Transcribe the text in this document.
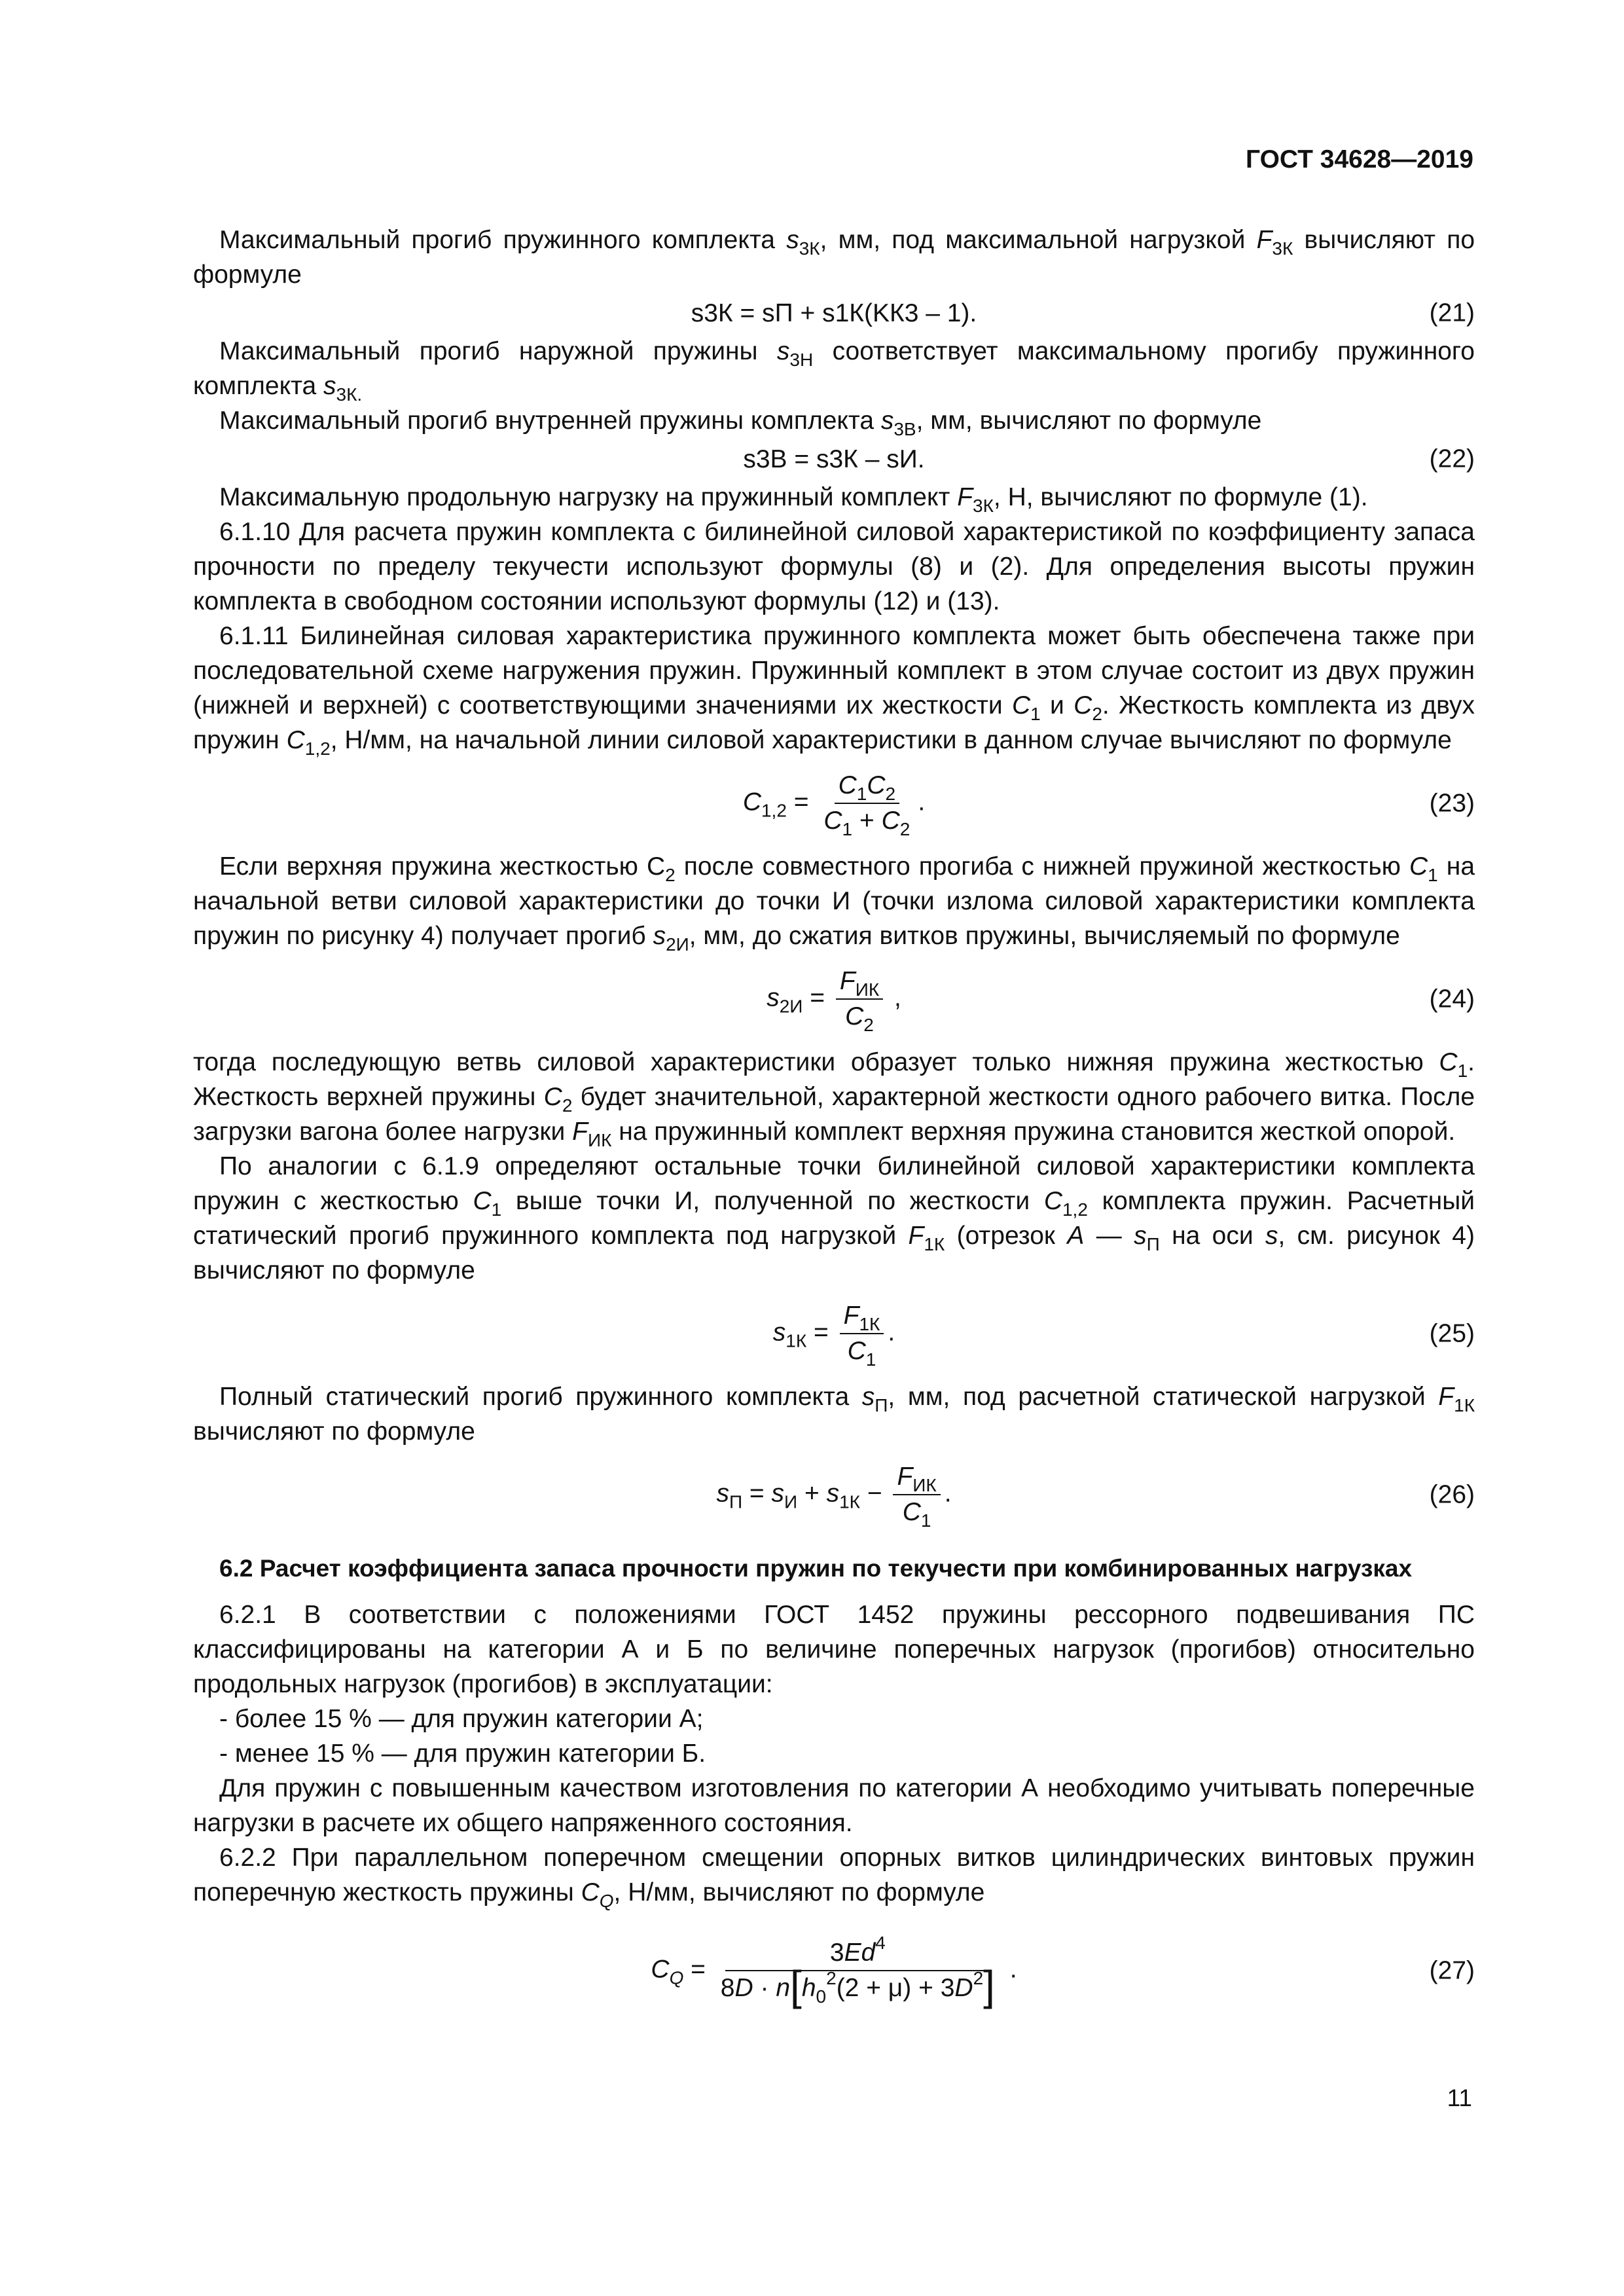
ГОСТ 34628—2019

Максимальный прогиб пружинного комплекта $s_{3К}$, мм, под максимальной нагрузкой $F_{3К}$ вычисляют по формуле

s3К = sП + s1К(KК3 – 1).	(21)

Максимальный прогиб наружной пружины $s_{3Н}$ соответствует максимальному прогибу пружинного комплекта $s_{3К.}$

Максимальный прогиб внутренней пружины комплекта $s_{3В}$, мм, вычисляют по формуле

s3В = s3К – sИ.	(22)

Максимальную продольную нагрузку на пружинный комплект $F_{3К}$, Н, вычисляют по формуле (1).

6.1.10 Для расчета пружин комплекта с билинейной силовой характеристикой по коэффициенту запаса прочности по пределу текучести используют формулы (8) и (2). Для определения высоты пружин комплекта в свободном состоянии используют формулы (12) и (13).

6.1.11 Билинейная силовая характеристика пружинного комплекта может быть обеспечена также при последовательной схеме нагружения пружин. Пружинный комплект в этом случае состоит из двух пружин (нижней и верхней) с соответствующими значениями их жесткости $C_1$ и $C_2$. Жесткость комплекта из двух пружин $C_{1,2}$, Н/мм, на начальной линии силовой характеристики в данном случае вычисляют по формуле

$C_{1,2} = \frac{C_1C_2}{C_1 + C_2}$ .	(23)

Если верхняя пружина жесткостью $С_2$ после совместного прогиба с нижней пружиной жесткостью $C_1$ на начальной ветви силовой характеристики до точки И (точки излома силовой характеристики комплекта пружин по рисунку 4) получает прогиб $s_{2И}$, мм, до сжатия витков пружины, вычисляемый по формуле

$s_{2И} = \frac{F_{ИК}}{C_2}$ ,	(24)

тогда последующую ветвь силовой характеристики образует только нижняя пружина жесткостью $C_1$. Жесткость верхней пружины $C_2$ будет значительной, характерной жесткости одного рабочего витка. После загрузки вагона более нагрузки $F_{ИК}$ на пружинный комплект верхняя пружина становится жесткой опорой.

По аналогии с 6.1.9 определяют остальные точки билинейной силовой характеристики комплекта пружин с жесткостью $C_1$ выше точки И, полученной по жесткости $C_{1,2}$ комплекта пружин. Расчетный статический прогиб пружинного комплекта под нагрузкой $F_{1К}$ (отрезок A — $s_П$ на оси s, см. рисунок 4) вычисляют по формуле

$s_{1К} = \frac{F_{1К}}{C_1}$ .	(25)

Полный статический прогиб пружинного комплекта $s_П$, мм, под расчетной статической нагрузкой $F_{1К}$ вычисляют по формуле

$s_П = s_И + s_{1К} - \frac{F_{ИК}}{C_1}$ .	(26)
6.2 Расчет коэффициента запаса прочности пружин по текучести при комбинированных нагрузках

6.2.1 В соответствии с положениями ГОСТ 1452 пружины рессорного подвешивания ПС классифицированы на категории А и Б по величине поперечных нагрузок (прогибов) относительно продольных нагрузок (прогибов) в эксплуатации:

- более 15 % — для пружин категории А;

- менее 15 % — для пружин категории Б.

Для пружин с повышенным качеством изготовления по категории А необходимо учитывать поперечные нагрузки в расчете их общего напряженного состояния.

6.2.2 При параллельном поперечном смещении опорных витков цилиндрических винтовых пружин поперечную жесткость пружины $C_Q$, Н/мм, вычисляют по формуле

$C_Q = \frac{3Ed^4}{8D \cdot n[h_0^2(2 + \mu) + 3D^2]}$ .	(27)
11
